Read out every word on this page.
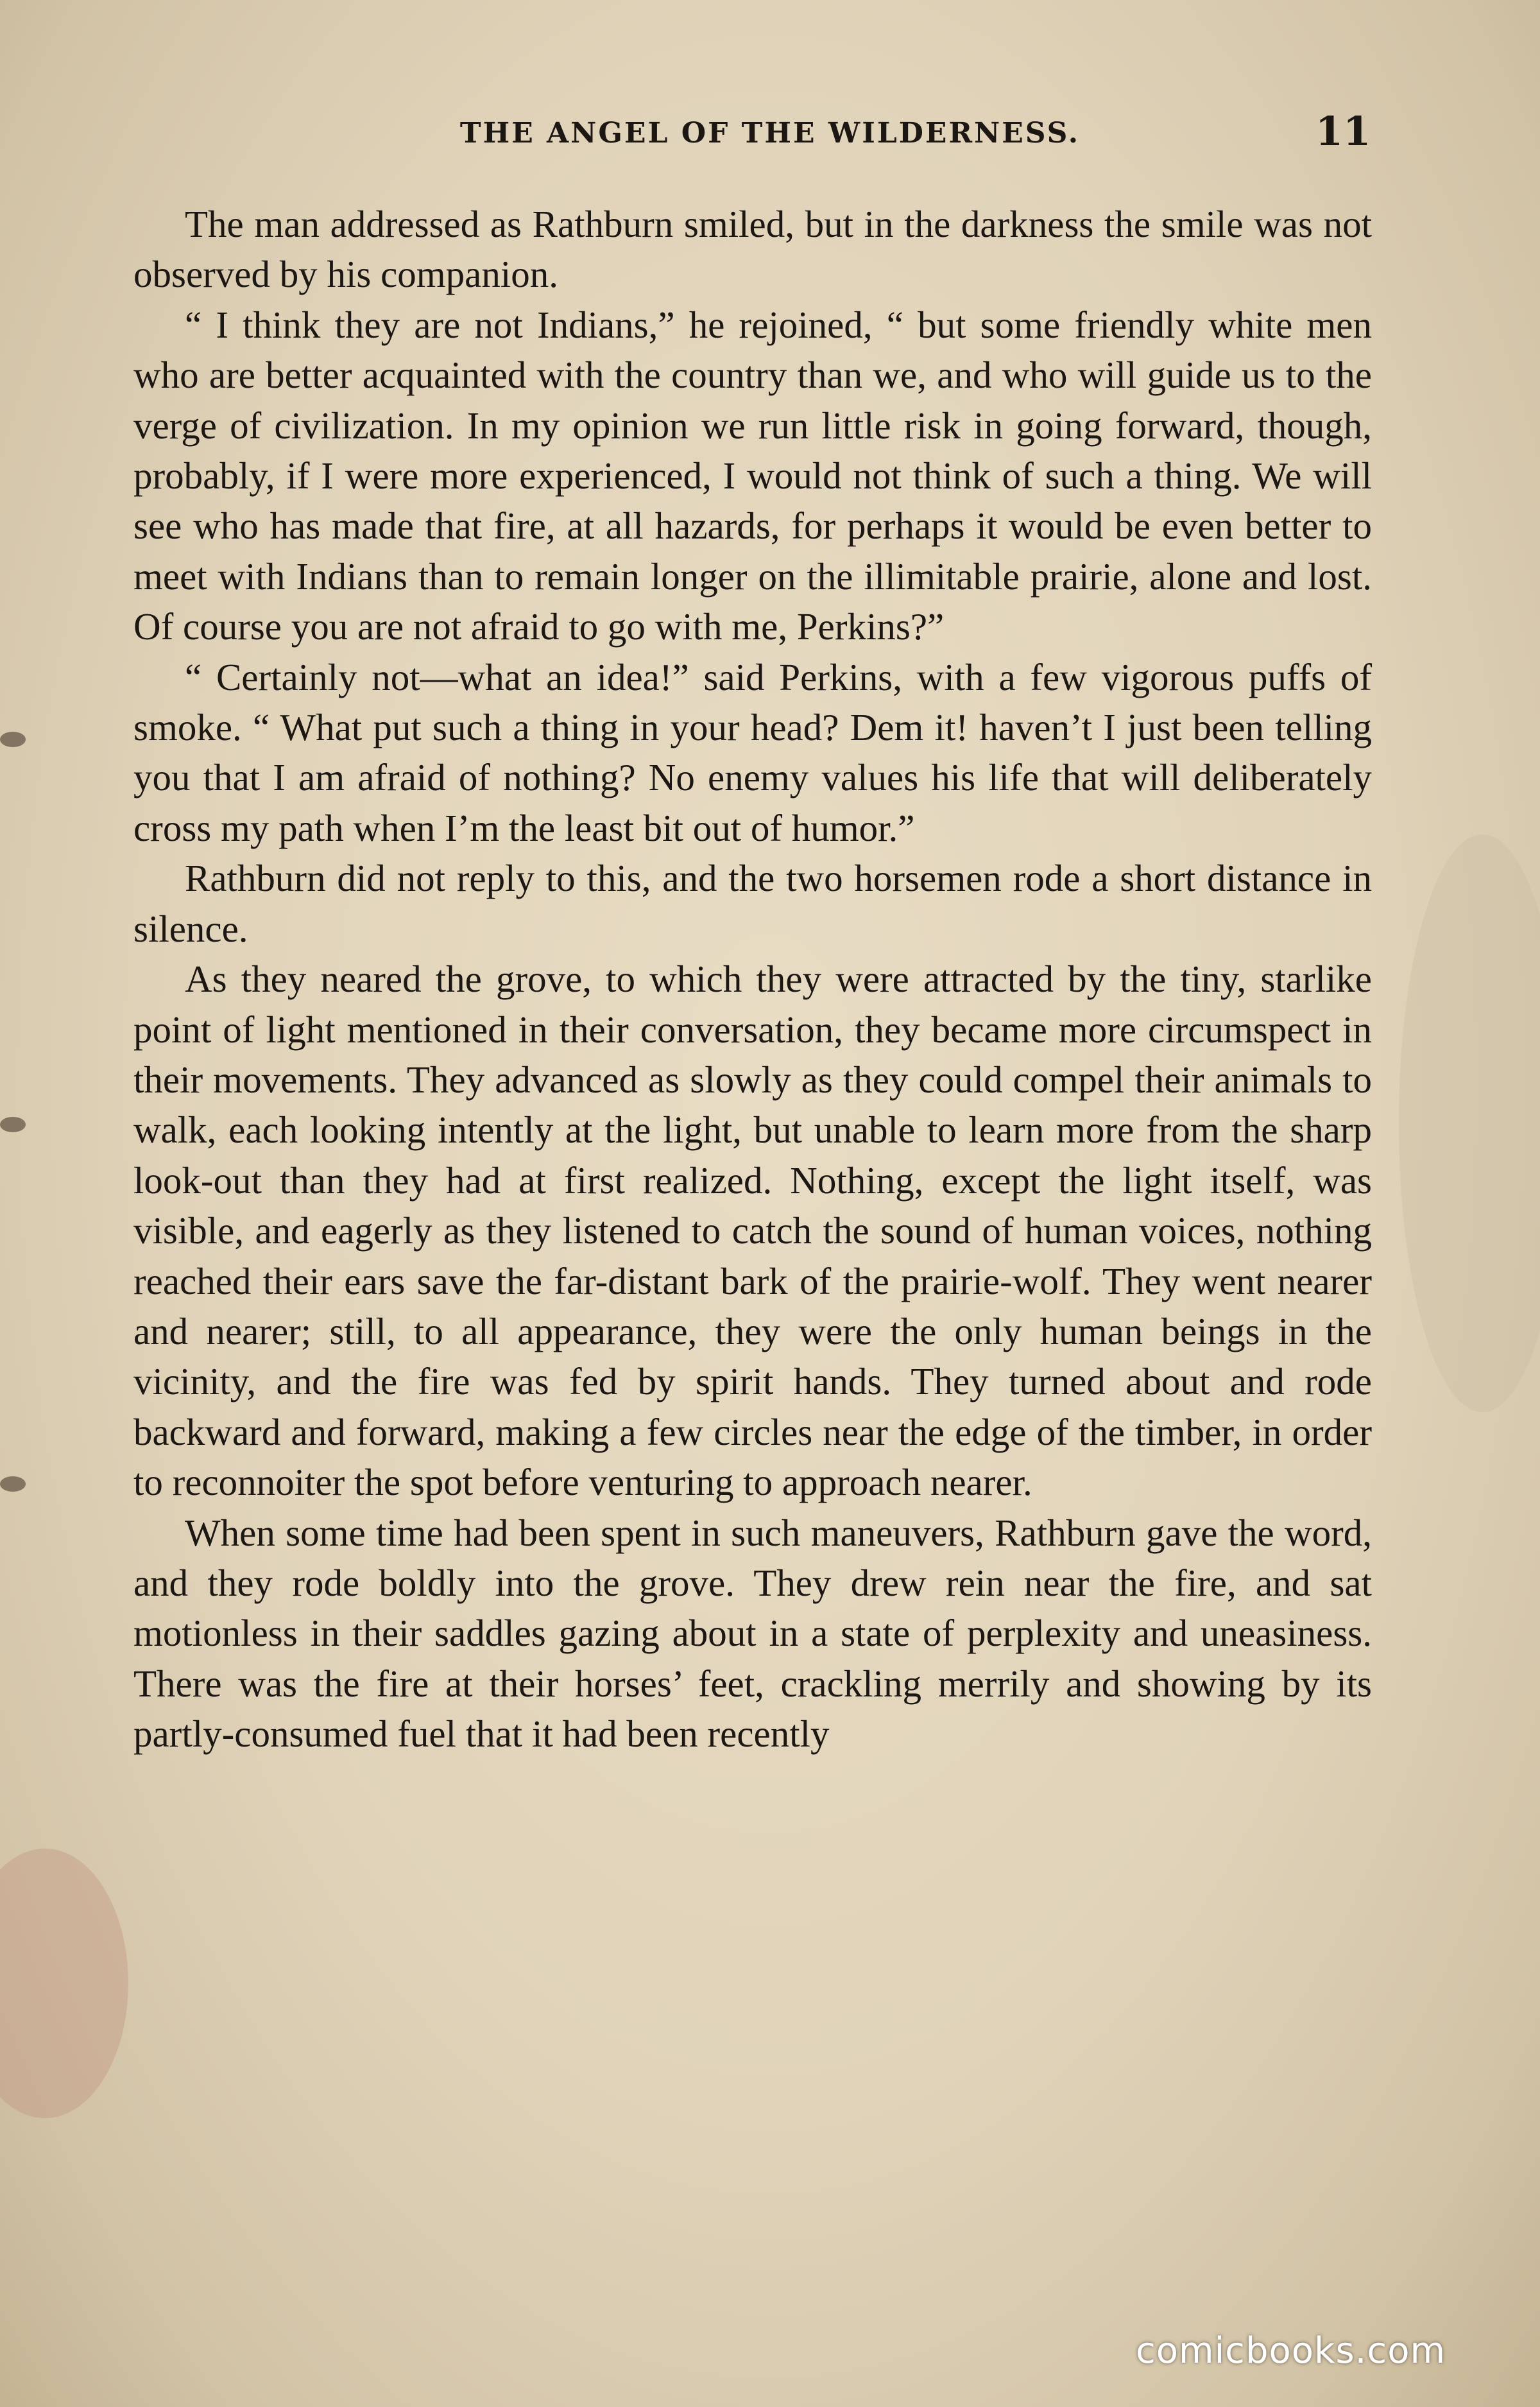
THE ANGEL OF THE WILDERNESS.	11

The man addressed as Rathburn smiled, but in the darkness the smile was not observed by his companion.

“ I think they are not Indians,” he rejoined, “ but some friendly white men who are better acquainted with the country than we, and who will guide us to the verge of civilization. In my opinion we run little risk in going forward, though, probably, if I were more experienced, I would not think of such a thing. We will see who has made that fire, at all hazards, for perhaps it would be even better to meet with Indians than to remain longer on the illimitable prairie, alone and lost. Of course you are not afraid to go with me, Perkins?”

“ Certainly not—what an idea!” said Perkins, with a few vigorous puffs of smoke. “ What put such a thing in your head? Dem it! haven’t I just been telling you that I am afraid of nothing? No enemy values his life that will deliberately cross my path when I’m the least bit out of humor.”

Rathburn did not reply to this, and the two horsemen rode a short distance in silence.

As they neared the grove, to which they were attracted by the tiny, starlike point of light mentioned in their conversation, they became more circumspect in their movements. They advanced as slowly as they could compel their animals to walk, each looking intently at the light, but unable to learn more from the sharp look-out than they had at first realized. Nothing, except the light itself, was visible, and eagerly as they listened to catch the sound of human voices, nothing reached their ears save the far-distant bark of the prairie-wolf. They went nearer and nearer; still, to all appearance, they were the only human beings in the vicinity, and the fire was fed by spirit hands. They turned about and rode backward and forward, making a few circles near the edge of the timber, in order to reconnoiter the spot before venturing to approach nearer.

When some time had been spent in such maneuvers, Rathburn gave the word, and they rode boldly into the grove. They drew rein near the fire, and sat motionless in their saddles gazing about in a state of perplexity and uneasiness. There was the fire at their horses’ feet, crackling merrily and showing by its partly-consumed fuel that it had been recently

comicbooks.com
